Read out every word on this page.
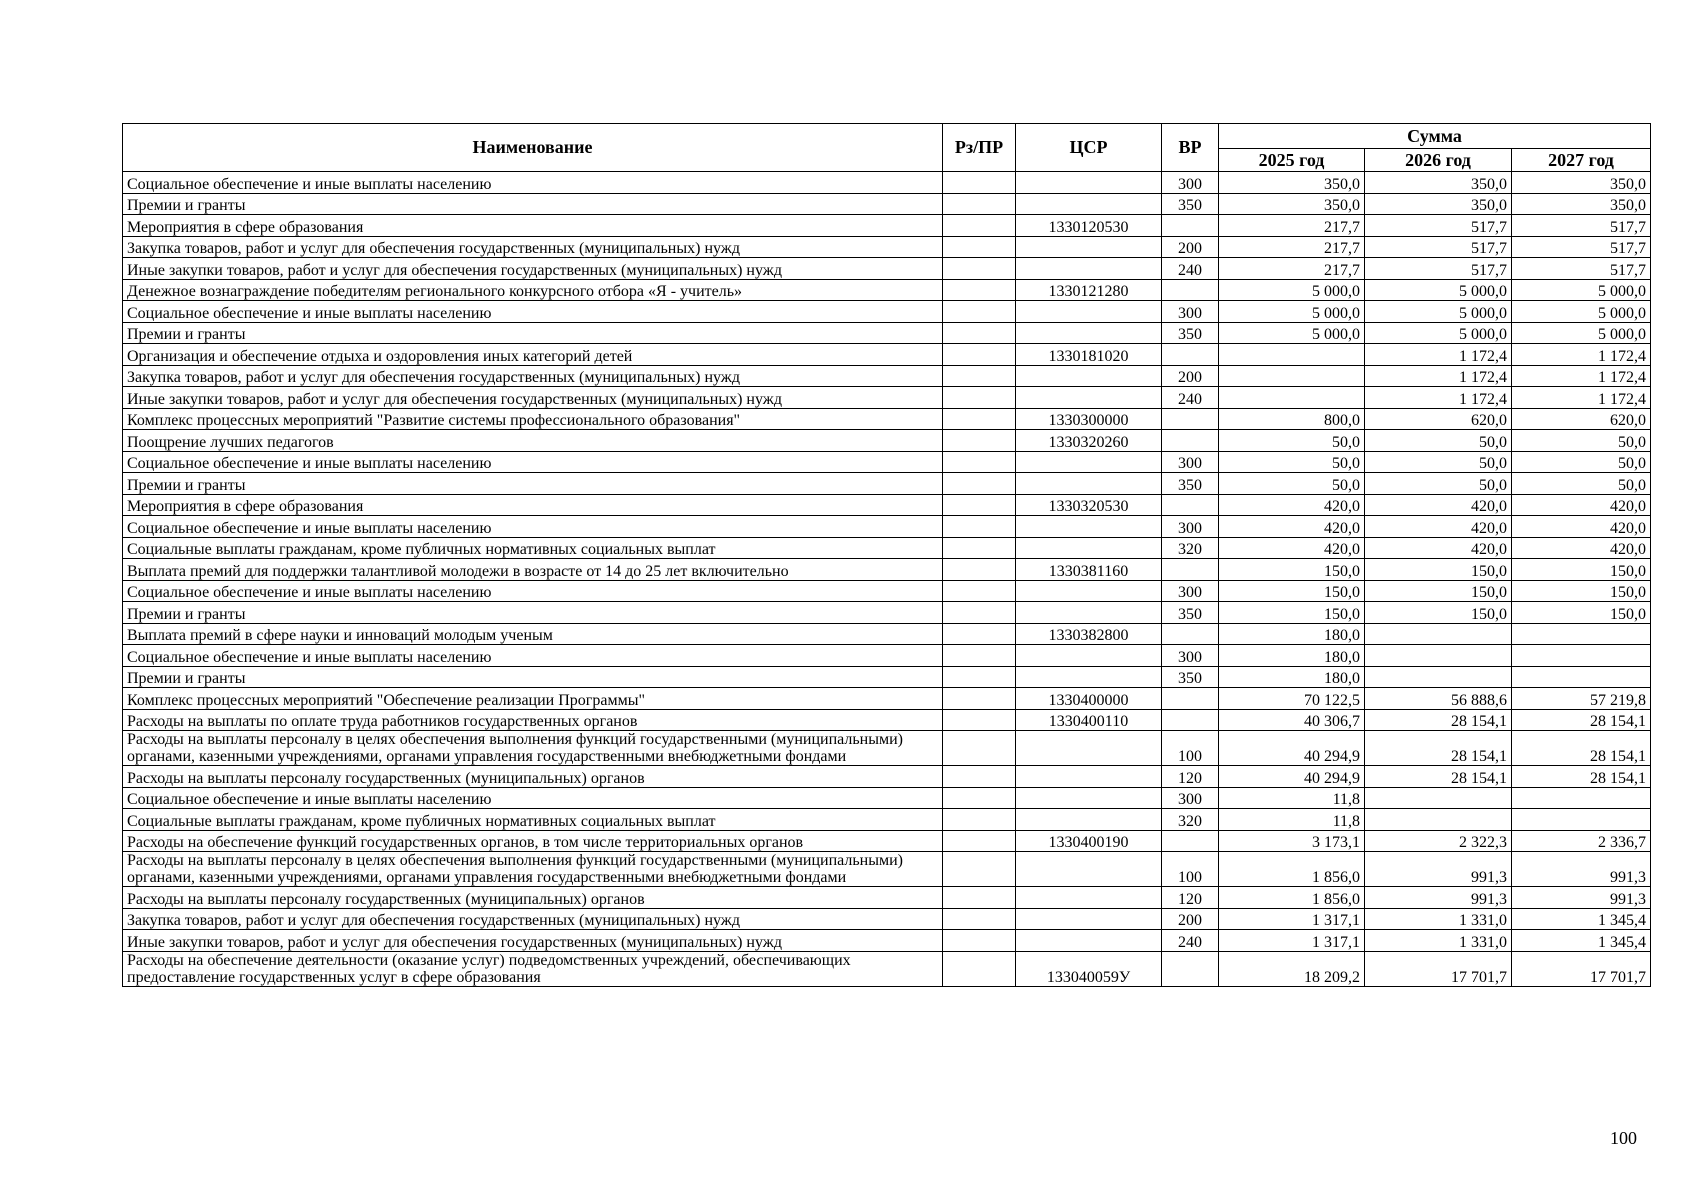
Наименование	Рз/ПР	ЦСР	ВР	Сумма		
				2025 год	2026 год	2027 год
Социальное обеспечение и иные выплаты населению			300	350,0	350,0	350,0
Премии и гранты			350	350,0	350,0	350,0
Мероприятия в сфере образования		1330120530		217,7	517,7	517,7
Закупка товаров, работ и услуг для обеспечения государственных (муниципальных) нужд			200	217,7	517,7	517,7
Иные закупки товаров, работ и услуг для обеспечения государственных (муниципальных) нужд			240	217,7	517,7	517,7
Денежное вознаграждение победителям регионального конкурсного отбора «Я - учитель»		1330121280		5 000,0	5 000,0	5 000,0
Социальное обеспечение и иные выплаты населению			300	5 000,0	5 000,0	5 000,0
Премии и гранты			350	5 000,0	5 000,0	5 000,0
Организация и обеспечение отдыха и оздоровления иных категорий детей		1330181020			1 172,4	1 172,4
Закупка товаров, работ и услуг для обеспечения государственных (муниципальных) нужд			200		1 172,4	1 172,4
Иные закупки товаров, работ и услуг для обеспечения государственных (муниципальных) нужд			240		1 172,4	1 172,4
Комплекс процессных мероприятий "Развитие системы профессионального образования"		1330300000		800,0	620,0	620,0
Поощрение лучших педагогов		1330320260		50,0	50,0	50,0
Социальное обеспечение и иные выплаты населению			300	50,0	50,0	50,0
Премии и гранты			350	50,0	50,0	50,0
Мероприятия в сфере образования		1330320530		420,0	420,0	420,0
Социальное обеспечение и иные выплаты населению			300	420,0	420,0	420,0
Социальные выплаты гражданам, кроме публичных нормативных социальных выплат			320	420,0	420,0	420,0
Выплата премий для поддержки талантливой молодежи в возрасте от 14 до 25 лет включительно		1330381160		150,0	150,0	150,0
Социальное обеспечение и иные выплаты населению			300	150,0	150,0	150,0
Премии и гранты			350	150,0	150,0	150,0
Выплата премий в сфере науки и инноваций молодым ученым		1330382800		180,0		
Социальное обеспечение и иные выплаты населению			300	180,0		
Премии и гранты			350	180,0		
Комплекс процессных мероприятий "Обеспечение реализации Программы"		1330400000		70 122,5	56 888,6	57 219,8
Расходы на выплаты по оплате труда работников государственных органов		1330400110		40 306,7	28 154,1	28 154,1
Расходы на выплаты персоналу в целях обеспечения выполнения функций государственными (муниципальными) органами, казенными учреждениями, органами управления государственными внебюджетными фондами			100	40 294,9	28 154,1	28 154,1
Расходы на выплаты персоналу государственных (муниципальных) органов			120	40 294,9	28 154,1	28 154,1
Социальное обеспечение и иные выплаты населению			300	11,8		
Социальные выплаты гражданам, кроме публичных нормативных социальных выплат			320	11,8		
Расходы на обеспечение функций государственных органов, в том числе территориальных органов		1330400190		3 173,1	2 322,3	2 336,7
Расходы на выплаты персоналу в целях обеспечения выполнения функций государственными (муниципальными) органами, казенными учреждениями, органами управления государственными внебюджетными фондами			100	1 856,0	991,3	991,3
Расходы на выплаты персоналу государственных (муниципальных) органов			120	1 856,0	991,3	991,3
Закупка товаров, работ и услуг для обеспечения государственных (муниципальных) нужд			200	1 317,1	1 331,0	1 345,4
Иные закупки товаров, работ и услуг для обеспечения государственных (муниципальных) нужд			240	1 317,1	1 331,0	1 345,4
Расходы на обеспечение деятельности (оказание услуг) подведомственных учреждений, обеспечивающих предоставление государственных услуг в сфере образования		133040059У		18 209,2	17 701,7	17 701,7
100
